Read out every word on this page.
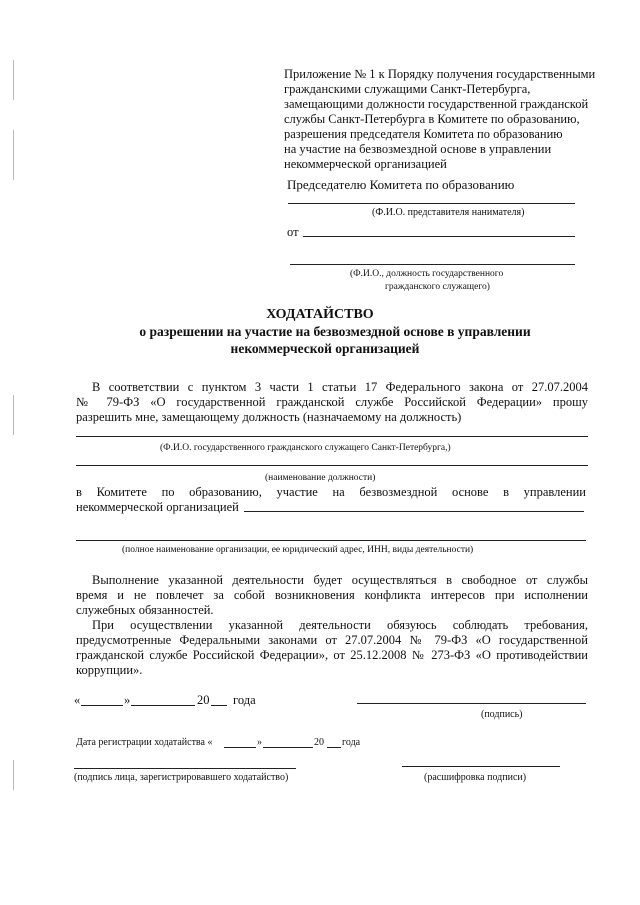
Приложение № 1 к Порядку получения государственными
гражданскими служащими Санкт-Петербурга,
замещающими должности государственной гражданской
службы Санкт-Петербурга в Комитете по образованию,
разрешения председателя Комитета по образованию
на участие на безвозмездной основе в управлении
некоммерческой организацией
Председателю Комитета по образованию
(Ф.И.О. представителя нанимателя)
от
(Ф.И.О., должность государственного
гражданского служащего)
ХОДАТАЙСТВО
о разрешении на участие на безвозмездной основе в управлении
некоммерческой организацией
В соответствии с пунктом 3 части 1 статьи 17 Федерального закона от 27.07.2004
№ 79-ФЗ «О государственной гражданской службе Российской Федерации» прошу
разрешить мне, замещающему должность (назначаемому на должность)
(Ф.И.О. государственного гражданского служащего Санкт-Петербурга,)
(наименование должности)
в Комитете по образованию, участие на безвозмездной основе в управлении
некоммерческой организацией
(полное наименование организации, ее юридический адрес, ИНН, виды деятельности)
Выполнение указанной деятельности будет осуществляться в свободное от службы
время и не повлечет за собой возникновения конфликта интересов при исполнении
служебных обязанностей.
При осуществлении указанной деятельности обязуюсь соблюдать требования,
предусмотренные Федеральными законами от 27.07.2004 № 79-ФЗ «О государственной
гражданской службе Российской Федерации», от 25.12.2008 № 273-ФЗ «О противодействии
коррупции».
«	»	20 года
(подпись)
Дата регистрации ходатайства «	»	20 года
(подпись лица, зарегистрировавшего ходатайство)	(расшифровка подписи)
